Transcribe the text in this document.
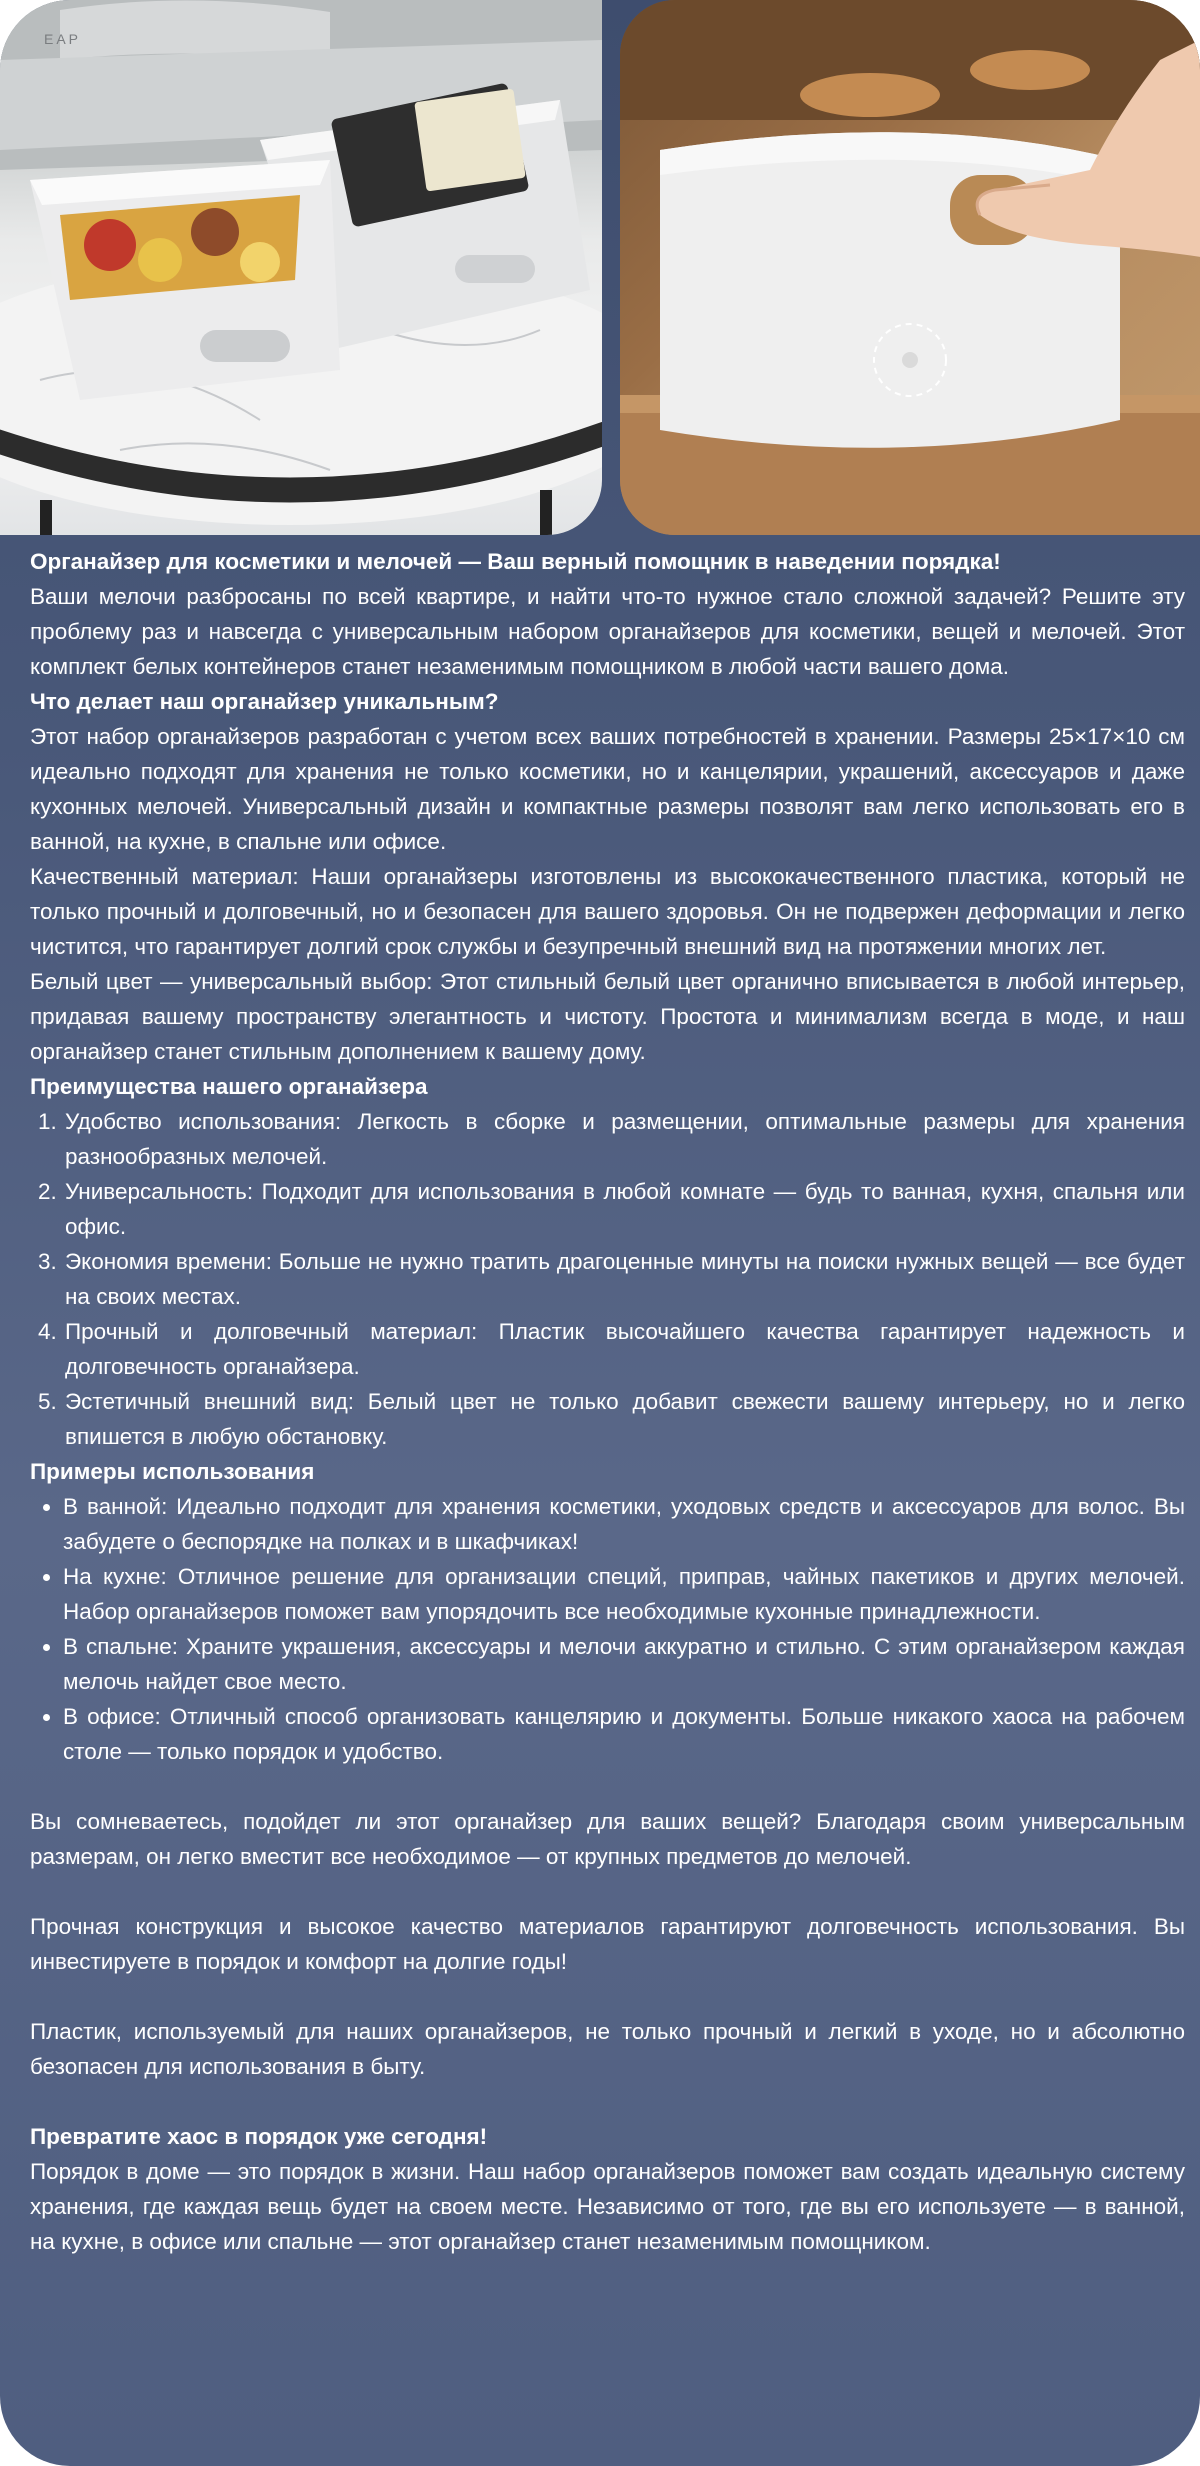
EAP
Органайзер для косметики и мелочей — Ваш верный помощник в наведении порядка!

Ваши мелочи разбросаны по всей квартире, и найти что-то нужное стало сложной задачей? Решите эту проблему раз и навсегда с универсальным набором органайзеров для косметики, вещей и мелочей. Этот комплект белых контейнеров станет незаменимым помощником в любой части вашего дома.

Что делает наш органайзер уникальным?

Этот набор органайзеров разработан с учетом всех ваших потребностей в хранении. Размеры 25×17×10 см идеально подходят для хранения не только косметики, но и канцелярии, украшений, аксессуаров и даже кухонных мелочей. Универсальный дизайн и компактные размеры позволят вам легко использовать его в ванной, на кухне, в спальне или офисе.

Качественный материал: Наши органайзеры изготовлены из высококачественного пластика, который не только прочный и долговечный, но и безопасен для вашего здоровья. Он не подвержен деформации и легко чистится, что гарантирует долгий срок службы и безупречный внешний вид на протяжении многих лет.

Белый цвет — универсальный выбор: Этот стильный белый цвет органично вписывается в любой интерьер, придавая вашему пространству элегантность и чистоту. Простота и минимализм всегда в моде, и наш органайзер станет стильным дополнением к вашему дому.

Преимущества нашего органайзера
1. Удобство использования: Легкость в сборке и размещении, оптимальные размеры для хранения разнообразных мелочей.
2. Универсальность: Подходит для использования в любой комнате — будь то ванная, кухня, спальня или офис.
3. Экономия времени: Больше не нужно тратить драгоценные минуты на поиски нужных вещей — все будет на своих местах.
4. Прочный и долговечный материал: Пластик высочайшего качества гарантирует надежность и долговечность органайзера.
5. Эстетичный внешний вид: Белый цвет не только добавит свежести вашему интерьеру, но и легко впишется в любую обстановку.
Примеры использования
• В ванной: Идеально подходит для хранения косметики, уходовых средств и аксессуаров для волос. Вы забудете о беспорядке на полках и в шкафчиках!
• На кухне: Отличное решение для организации специй, приправ, чайных пакетиков и других мелочей. Набор органайзеров поможет вам упорядочить все необходимые кухонные принадлежности.
• В спальне: Храните украшения, аксессуары и мелочи аккуратно и стильно. С этим органайзером каждая мелочь найдет свое место.
• В офисе: Отличный способ организовать канцелярию и документы. Больше никакого хаоса на рабочем столе — только порядок и удобство.

Вы сомневаетесь, подойдет ли этот органайзер для ваших вещей? Благодаря своим универсальным размерам, он легко вместит все необходимое — от крупных предметов до мелочей.

Прочная конструкция и высокое качество материалов гарантируют долговечность использования. Вы инвестируете в порядок и комфорт на долгие годы!

Пластик, используемый для наших органайзеров, не только прочный и легкий в уходе, но и абсолютно безопасен для использования в быту.

Превратите хаос в порядок уже сегодня!

Порядок в доме — это порядок в жизни. Наш набор органайзеров поможет вам создать идеальную систему хранения, где каждая вещь будет на своем месте. Независимо от того, где вы его используете — в ванной, на кухне, в офисе или спальне — этот органайзер станет незаменимым помощником.
